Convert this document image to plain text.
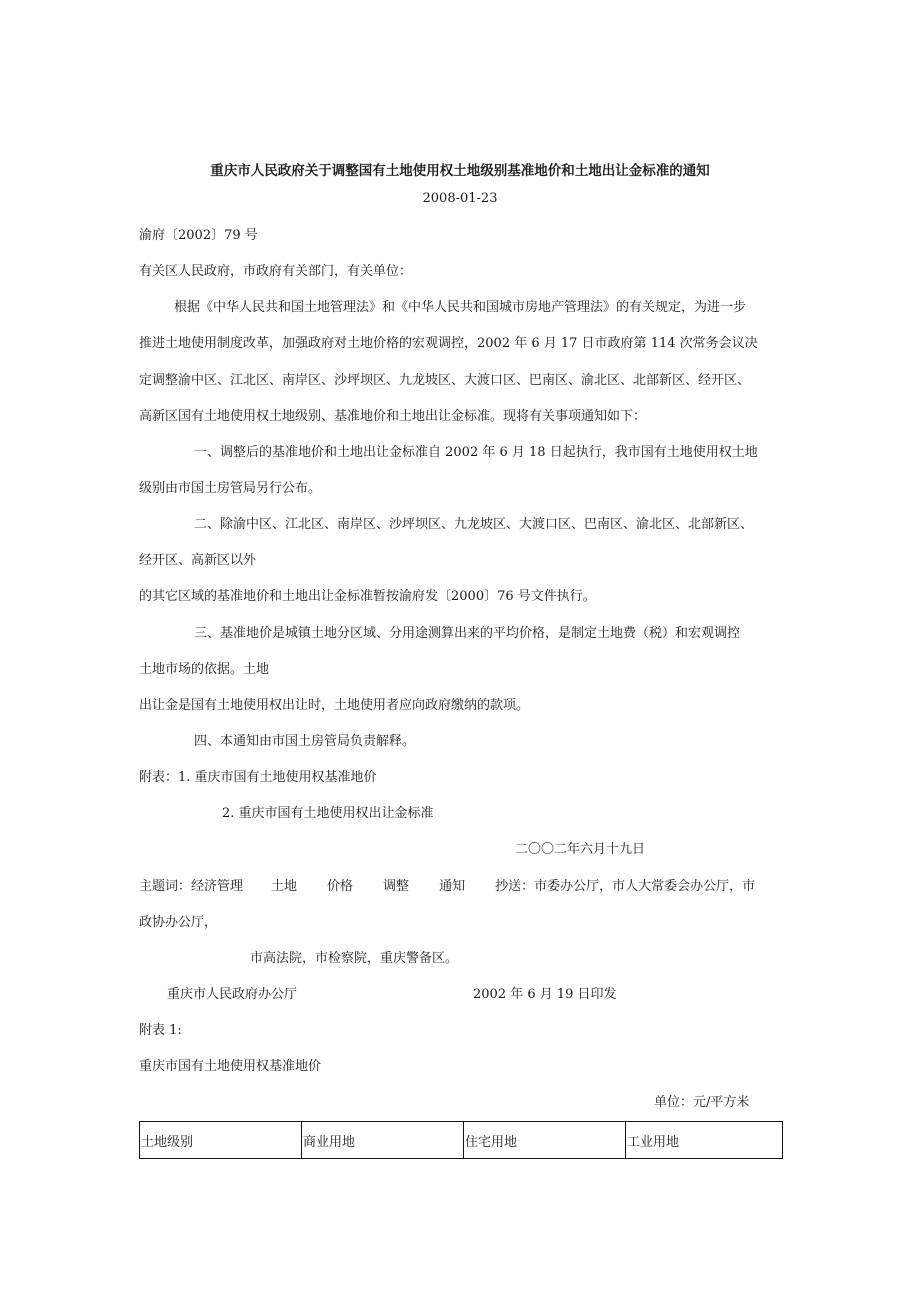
重庆市人民政府关于调整国有土地使用权土地级别基准地价和土地出让金标准的通知
2008-01-23
渝府〔2002〕79 号
有关区人民政府，市政府有关部门，有关单位：
根据《中华人民共和国土地管理法》和《中华人民共和国城市房地产管理法》的有关规定，为进一步
推进土地使用制度改革，加强政府对土地价格的宏观调控，2002 年 6 月 17 日市政府第 114 次常务会议决
定调整渝中区、江北区、南岸区、沙坪坝区、九龙坡区、大渡口区、巴南区、渝北区、北部新区、经开区、
高新区国有土地使用权土地级别、基准地价和土地出让金标准。现将有关事项通知如下：
一、调整后的基准地价和土地出让金标准自 2002 年 6 月 18 日起执行，我市国有土地使用权土地
级别由市国土房管局另行公布。
二、除渝中区、江北区、南岸区、沙坪坝区、九龙坡区、大渡口区、巴南区、渝北区、北部新区、
经开区、高新区以外
的其它区域的基准地价和土地出让金标准暂按渝府发〔2000〕76 号文件执行。
三、基准地价是城镇土地分区域、分用途测算出来的平均价格，是制定土地费（税）和宏观调控
土地市场的依据。土地
出让金是国有土地使用权出让时，土地使用者应向政府缴纳的款项。
四、本通知由市国土房管局负责解释。
附表：1. 重庆市国有土地使用权基准地价
2. 重庆市国有土地使用权出让金标准
二〇〇二年六月十九日
主题词：经济管理 土地 价格 调整 通知 抄送：市委办公厅，市人大常委会办公厅，市
政协办公厅，
市高法院，市检察院，重庆警备区。
重庆市人民政府办公厅	2002 年 6 月 19 日印发
附表 1:
重庆市国有土地使用权基准地价
单位：元/平方米
土地级别	商业用地	住宅用地	工业用地
